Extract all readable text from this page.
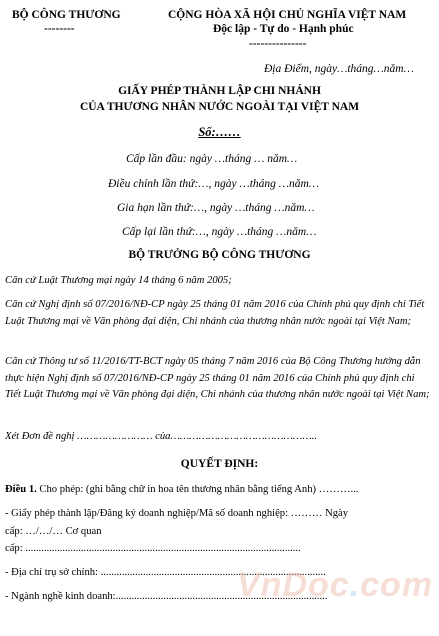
BỘ CÔNG THƯƠNG
--------
CỘNG HÒA XÃ HỘI CHỦ NGHĨA VIỆT NAM
Độc lập - Tự do - Hạnh phúc
---------------
Địa Điểm, ngày…tháng…năm…
GIẤY PHÉP THÀNH LẬP CHI NHÁNH
CỦA THƯƠNG NHÂN NƯỚC NGOÀI TẠI VIỆT NAM
Số:……
Cấp lần đầu: ngày …tháng … năm…
Điều chỉnh lần thứ:…, ngày …tháng …năm…
Gia hạn lần thứ:…, ngày …tháng …năm…
Cấp lại lần thứ:…, ngày …tháng …năm…
BỘ TRƯỞNG BỘ CÔNG THƯƠNG
Căn cứ Luật Thương mại ngày 14 tháng 6 năm 2005;
Căn cứ Nghị định số 07/2016/NĐ-CP ngày 25 tháng 01 năm 2016 của Chính phủ quy định chi Tiết Luật Thương mại về Văn phòng đại diện, Chi nhánh của thương nhân nước ngoài tại Việt Nam;
Căn cứ Thông tư số 11/2016/TT-BCT ngày 05 tháng 7 năm 2016 của Bộ Công Thương hướng dẫn thực hiện Nghị định số 07/2016/NĐ-CP ngày 25 tháng 01 năm 2016 của Chính phủ quy định chi Tiết Luật Thương mại về Văn phòng đại diện, Chi nhánh của thương nhân nước ngoài tại Việt Nam;
Xét Đơn đề nghị …………………… của………………………………………..
QUYẾT ĐỊNH:
Điều 1. Cho phép: (ghi bằng chữ in hoa tên thương nhân bằng tiếng Anh) ………...
- Giấy phép thành lập/Đăng ký doanh nghiệp/Mã số doanh nghiệp: ……… Ngày
cấp: …/…/… Cơ quan
cấp: ........................................................................................................
- Địa chỉ trụ sở chính: .....................................................................................
- Ngành nghề kinh doanh:................................................................................
VnDoc.com
